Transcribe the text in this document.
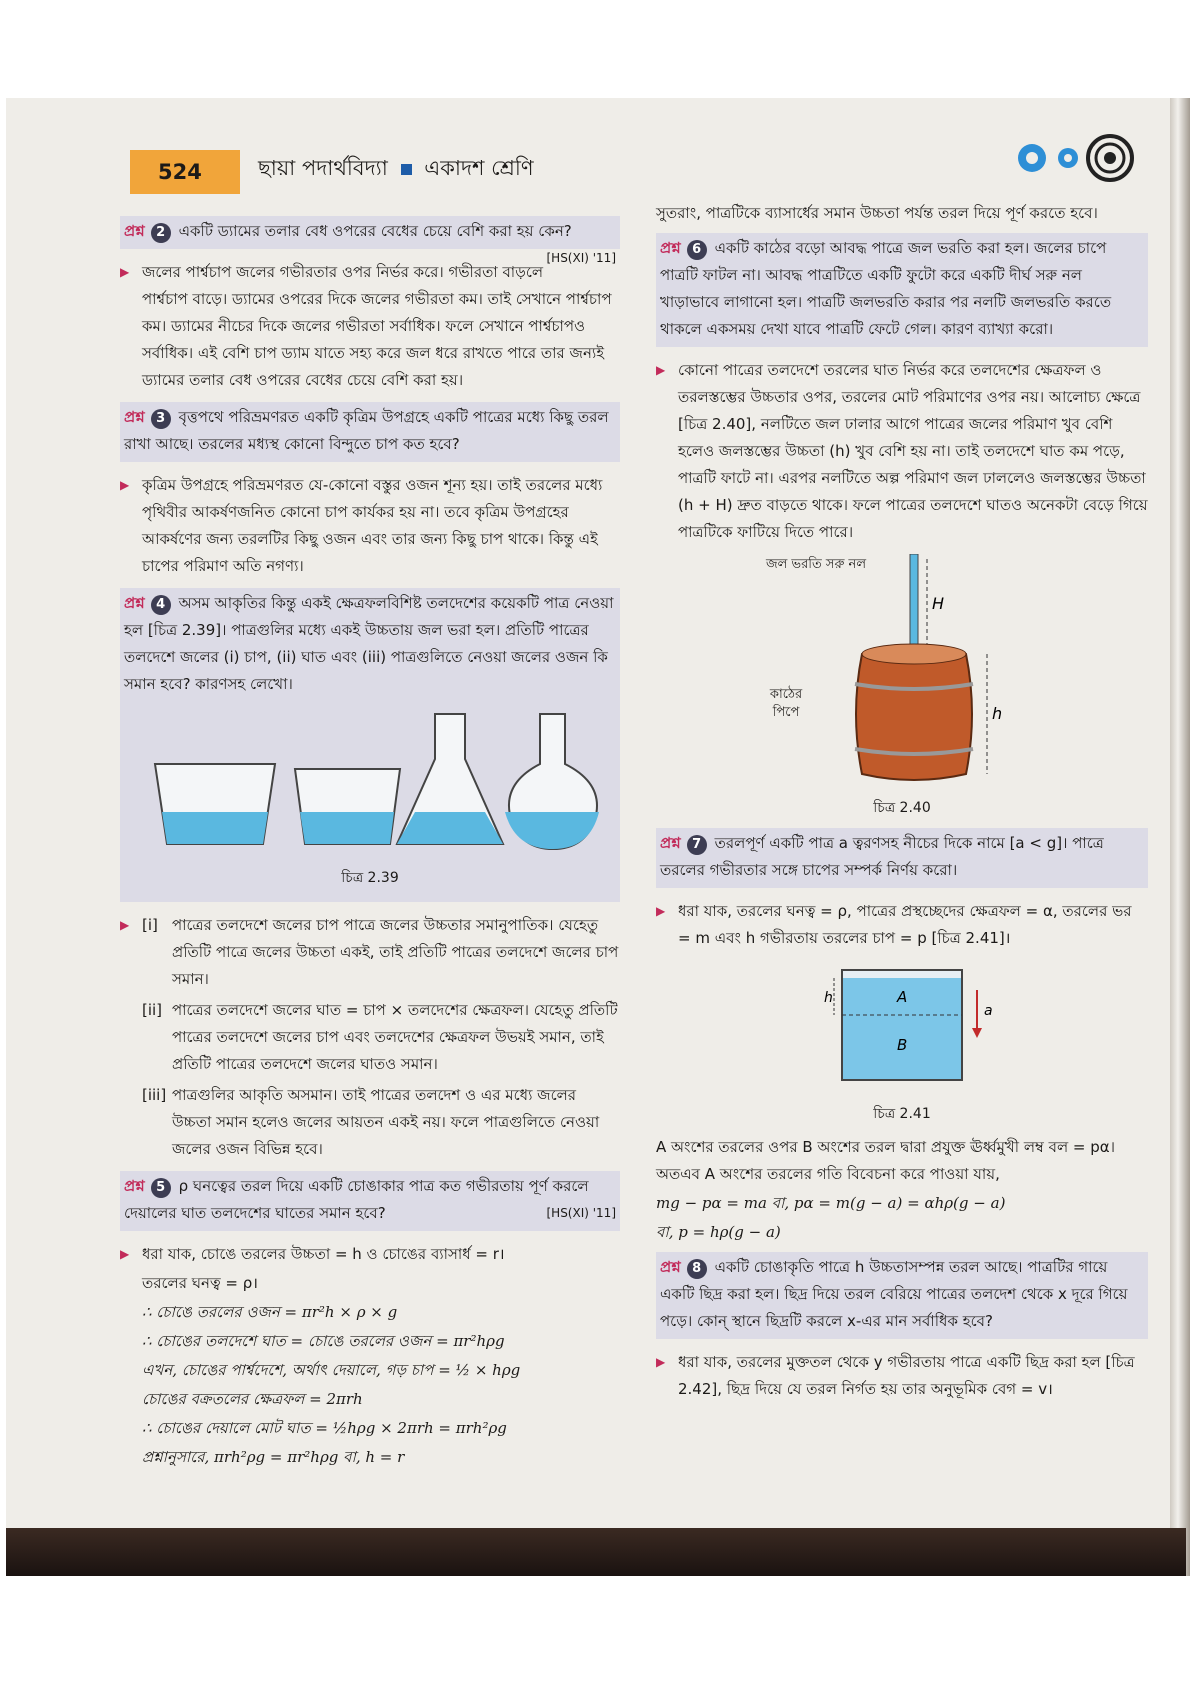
524	ছায়া পদার্থবিদ্যা একাদশ শ্রেণি
প্রশ্ন 2 একটি ড্যামের তলার বেধ ওপরের বেধের চেয়ে বেশি করা হয় কেন?
[HS(XI) '11]
▶ জলের পার্শ্বচাপ জলের গভীরতার ওপর নির্ভর করে। গভীরতা বাড়লে পার্শ্বচাপ বাড়ে। ড্যামের ওপরের দিকে জলের গভীরতা কম। তাই সেখানে পার্শ্বচাপ কম। ড্যামের নীচের দিকে জলের গভীরতা সর্বাধিক। ফলে সেখানে পার্শ্বচাপও সর্বাধিক। এই বেশি চাপ ড্যাম যাতে সহ্য করে জল ধরে রাখতে পারে তার জন্যই ড্যামের তলার বেধ ওপরের বেধের চেয়ে বেশি করা হয়।
প্রশ্ন 3 বৃত্তপথে পরিভ্রমণরত একটি কৃত্রিম উপগ্রহে একটি পাত্রের মধ্যে কিছু তরল রাখা আছে। তরলের মধ্যস্থ কোনো বিন্দুতে চাপ কত হবে?
▶ কৃত্রিম উপগ্রহে পরিভ্রমণরত যে-কোনো বস্তুর ওজন শূন্য হয়। তাই তরলের মধ্যে পৃথিবীর আকর্ষণজনিত কোনো চাপ কার্যকর হয় না। তবে কৃত্রিম উপগ্রহের আকর্ষণের জন্য তরলটির কিছু ওজন এবং তার জন্য কিছু চাপ থাকে। কিন্তু এই চাপের পরিমাণ অতি নগণ্য।
প্রশ্ন 4 অসম আকৃতির কিন্তু একই ক্ষেত্রফলবিশিষ্ট তলদেশের কয়েকটি পাত্র নেওয়া হল [চিত্র 2.39]। পাত্রগুলির মধ্যে একই উচ্চতায় জল ভরা হল। প্রতিটি পাত্রের তলদেশে জলের (i) চাপ, (ii) ঘাত এবং (iii) পাত্রগুলিতে নেওয়া জলের ওজন কি সমান হবে? কারণসহ লেখো।
চিত্র 2.39
▶ [i] পাত্রের তলদেশে জলের চাপ পাত্রে জলের উচ্চতার সমানুপাতিক। যেহেতু প্রতিটি পাত্রে জলের উচ্চতা একই, তাই প্রতিটি পাত্রের তলদেশে জলের চাপ সমান।
[ii] পাত্রের তলদেশে জলের ঘাত = চাপ × তলদেশের ক্ষেত্রফল। যেহেতু প্রতিটি পাত্রের তলদেশে জলের চাপ এবং তলদেশের ক্ষেত্রফল উভয়ই সমান, তাই প্রতিটি পাত্রের তলদেশে জলের ঘাতও সমান।
[iii] পাত্রগুলির আকৃতি অসমান। তাই পাত্রের তলদেশ ও এর মধ্যে জলের উচ্চতা সমান হলেও জলের আয়তন একই নয়। ফলে পাত্রগুলিতে নেওয়া জলের ওজন বিভিন্ন হবে।
প্রশ্ন 5 ρ ঘনত্বের তরল দিয়ে একটি চোঙাকার পাত্র কত গভীরতায় পূর্ণ করলে দেয়ালের ঘাত তলদেশের ঘাতের সমান হবে?	[HS(XI) '11]
▶ ধরা যাক, চোঙে তরলের উচ্চতা = h ও চোঙের ব্যাসার্ধ = r।
তরলের ঘনত্ব = ρ।
∴ চোঙে তরলের ওজন = πr²h × ρ × g
∴ চোঙের তলদেশে ঘাত = চোঙে তরলের ওজন = πr²hρg
এখন, চোঙের পার্শ্বদেশে, অর্থাৎ দেয়ালে, গড় চাপ = ½ × hρg
চোঙের বক্রতলের ক্ষেত্রফল = 2πrh
∴ চোঙের দেয়ালে মোট ঘাত = ½hρg × 2πrh = πrh²ρg
প্রশ্নানুসারে, πrh²ρg = πr²hρg বা, h = r
সুতরাং, পাত্রটিকে ব্যাসার্ধের সমান উচ্চতা পর্যন্ত তরল দিয়ে পূর্ণ করতে হবে।
প্রশ্ন 6 একটি কাঠের বড়ো আবদ্ধ পাত্রে জল ভরতি করা হল। জলের চাপে পাত্রটি ফাটল না। আবদ্ধ পাত্রটিতে একটি ফুটো করে একটি দীর্ঘ সরু নল খাড়াভাবে লাগানো হল। পাত্রটি জলভরতি করার পর নলটি জলভরতি করতে থাকলে একসময় দেখা যাবে পাত্রটি ফেটে গেল। কারণ ব্যাখ্যা করো।
▶ কোনো পাত্রের তলদেশে তরলের ঘাত নির্ভর করে তলদেশের ক্ষেত্রফল ও তরলস্তম্ভের উচ্চতার ওপর, তরলের মোট পরিমাণের ওপর নয়। আলোচ্য ক্ষেত্রে [চিত্র 2.40], নলটিতে জল ঢালার আগে পাত্রের জলের পরিমাণ খুব বেশি হলেও জলস্তম্ভের উচ্চতা (h) খুব বেশি হয় না। তাই তলদেশে ঘাত কম পড়ে, পাত্রটি ফাটে না। এরপর নলটিতে অল্প পরিমাণ জল ঢাললেও জলস্তম্ভের উচ্চতা (h + H) দ্রুত বাড়তে থাকে। ফলে পাত্রের তলদেশে ঘাতও অনেকটা বেড়ে গিয়ে পাত্রটিকে ফাটিয়ে দিতে পারে।
H
h
জল ভরতি সরু নল
কাঠের পিপে
চিত্র 2.40
প্রশ্ন 7 তরলপূর্ণ একটি পাত্র a ত্বরণসহ নীচের দিকে নামে [a < g]। পাত্রে তরলের গভীরতার সঙ্গে চাপের সম্পর্ক নির্ণয় করো।
▶ ধরা যাক, তরলের ঘনত্ব = ρ, পাত্রের প্রস্থচ্ছেদের ক্ষেত্রফল = α, তরলের ভর = m এবং h গভীরতায় তরলের চাপ = p [চিত্র 2.41]।
h	A
B
a
চিত্র 2.41
A অংশের তরলের ওপর B অংশের তরল দ্বারা প্রযুক্ত ঊর্ধ্বমুখী লম্ব বল = pα। অতএব A অংশের তরলের গতি বিবেচনা করে পাওয়া যায়,
mg − pα = ma বা, pα = m(g − a) = αhρ(g − a)
বা, p = hρ(g − a)
প্রশ্ন 8 একটি চোঙাকৃতি পাত্রে h উচ্চতাসম্পন্ন তরল আছে। পাত্রটির গায়ে একটি ছিদ্র করা হল। ছিদ্র দিয়ে তরল বেরিয়ে পাত্রের তলদেশ থেকে x দূরে গিয়ে পড়ে। কোন্ স্থানে ছিদ্রটি করলে x-এর মান সর্বাধিক হবে?
▶ ধরা যাক, তরলের মুক্ততল থেকে y গভীরতায় পাত্রে একটি ছিদ্র করা হল [চিত্র 2.42], ছিদ্র দিয়ে যে তরল নির্গত হয় তার অনুভূমিক বেগ = v।
